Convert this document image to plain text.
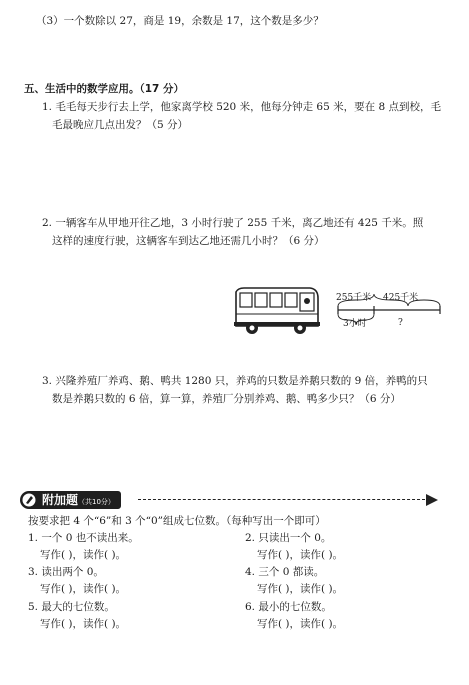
（3）一个数除以 27，商是 19，余数是 17，这个数是多少？
五、生活中的数学应用。（17 分）
1. 毛毛每天步行去上学，他家离学校 520 米，他每分钟走 65 米，要在 8 点到校，毛
毛最晚应几点出发？（5 分）
2. 一辆客车从甲地开往乙地，3 小时行驶了 255 千米，离乙地还有 425 千米。照
这样的速度行驶，这辆客车到达乙地还需几小时？（6 分）
255千米 425千米
3小时	?
3. 兴隆养殖厂养鸡、鹅、鸭共 1280 只，养鸡的只数是养鹅只数的 9 倍，养鸭的只
数是养鹅只数的 6 倍，算一算，养殖厂分别养鸡、鹅、鸭多少只？（6 分）
附加题（共10分）
按要求把 4 个“6”和 3 个“0”组成七位数。（每种写出一个即可）
1. 一个 0 也不读出来。
写作( )，读作( )。
2. 只读出一个 0。
写作( )，读作( )。
3. 读出两个 0。
写作( )，读作( )。
4. 三个 0 都读。
写作( )，读作( )。
5. 最大的七位数。
写作( )，读作( )。
6. 最小的七位数。
写作( )，读作( )。
